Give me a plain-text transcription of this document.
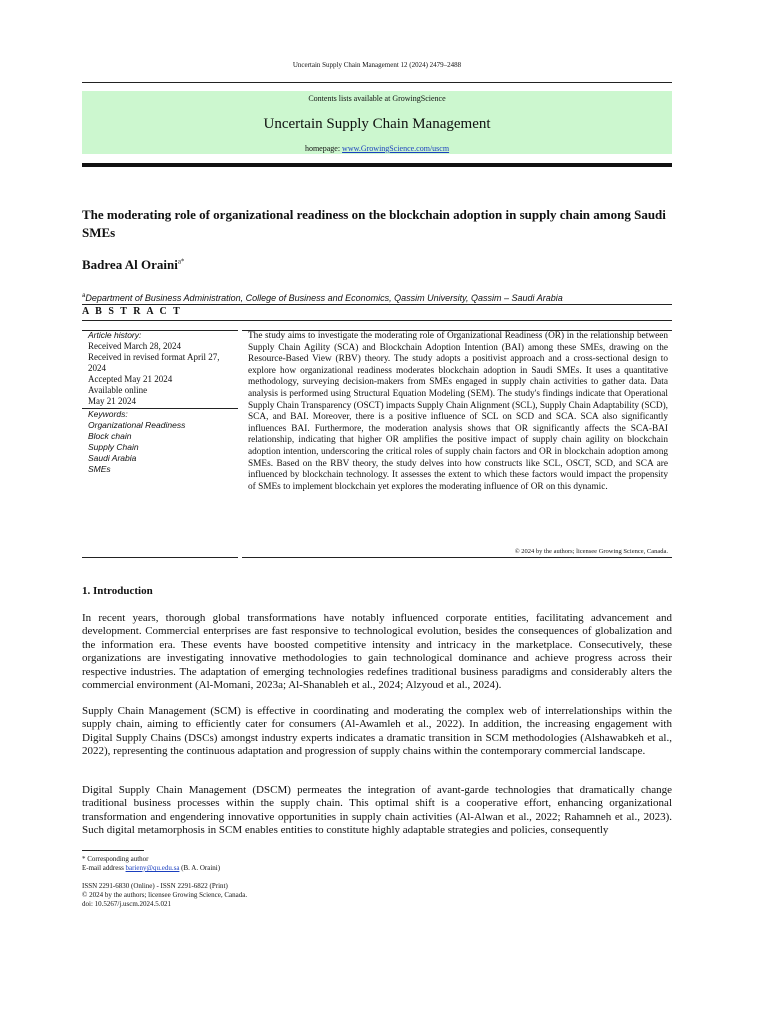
Uncertain Supply Chain Management 12 (2024) 2479–2488
Contents lists available at GrowingScience
Uncertain Supply Chain Management
homepage: www.GrowingScience.com/uscm
The moderating role of organizational readiness on the blockchain adoption in supply chain among Saudi SMEs
Badrea Al Oraini$^{a*}$
$^a$Department of Business Administration, College of Business and Economics, Qassim University, Qassim – Saudi Arabia
A B S T R A C T
Article history:
Received March 28, 2024
Received in revised format April 27, 2024
Accepted May 21 2024
Available online
May 21 2024
Keywords:
Organizational Readiness
Block chain
Supply Chain
Saudi Arabia
SMEs
The study aims to investigate the moderating role of Organizational Readiness (OR) in the relationship between Supply Chain Agility (SCA) and Blockchain Adoption Intention (BAI) among these SMEs, drawing on the Resource-Based View (RBV) theory. The study adopts a positivist approach and a cross-sectional design to explore how organizational readiness moderates blockchain adoption in Saudi SMEs. It uses a quantitative methodology, surveying decision-makers from SMEs engaged in supply chain activities to gather data. Data analysis is performed using Structural Equation Modeling (SEM). The study's findings indicate that Operational Supply Chain Transparency (OSCT) impacts Supply Chain Alignment (SCL), Supply Chain Adaptability (SCD), SCA, and BAI. Moreover, there is a positive influence of SCL on SCD and SCA. SCA also significantly influences BAI. Furthermore, the moderation analysis shows that OR significantly affects the SCA-BAI relationship, indicating that higher OR amplifies the positive impact of supply chain agility on blockchain adoption intention, underscoring the critical roles of supply chain factors and OR in blockchain adoption among SMEs. Based on the RBV theory, the study delves into how constructs like SCL, OSCT, SCD, and SCA are influenced by blockchain technology. It assesses the extent to which these factors would impact the propensity of SMEs to implement blockchain yet explores the moderating influence of OR on this dynamic.
© 2024 by the authors; licensee Growing Science, Canada.
1. Introduction
In recent years, thorough global transformations have notably influenced corporate entities, facilitating advancement and development. Commercial enterprises are fast responsive to technological evolution, besides the consequences of globalization and the information era. These events have boosted competitive intensity and intricacy in the marketplace. Consecutively, these organizations are investigating innovative methodologies to gain technological dominance and achieve progress across their respective industries. The adaptation of emerging technologies redefines traditional business paradigms and considerably alters the commercial environment (Al-Momani, 2023a; Al-Shanableh et al., 2024; Alzyoud et al., 2024).
Supply Chain Management (SCM) is effective in coordinating and moderating the complex web of interrelationships within the supply chain, aiming to efficiently cater for consumers (Al-Awamleh et al., 2022). In addition, the increasing engagement with Digital Supply Chains (DSCs) amongst industry experts indicates a dramatic transition in SCM methodologies (Alshawabkeh et al., 2022), representing the continuous adaptation and progression of supply chains within the contemporary commercial landscape.
Digital Supply Chain Management (DSCM) permeates the integration of avant-garde technologies that dramatically change traditional business processes within the supply chain. This optimal shift is a cooperative effort, enhancing organizational transformation and engendering innovative opportunities in supply chain activities (Al-Alwan et al., 2022; Rahamneh et al., 2023). Such digital metamorphosis in SCM enables entities to constitute highly adaptable strategies and policies, consequently
* Corresponding author
E-mail address barieny@qu.edu.sa (B. A. Oraini)
ISSN 2291-6830 (Online) - ISSN 2291-6822 (Print)
© 2024 by the authors; licensee Growing Science, Canada.
doi: 10.5267/j.uscm.2024.5.021
